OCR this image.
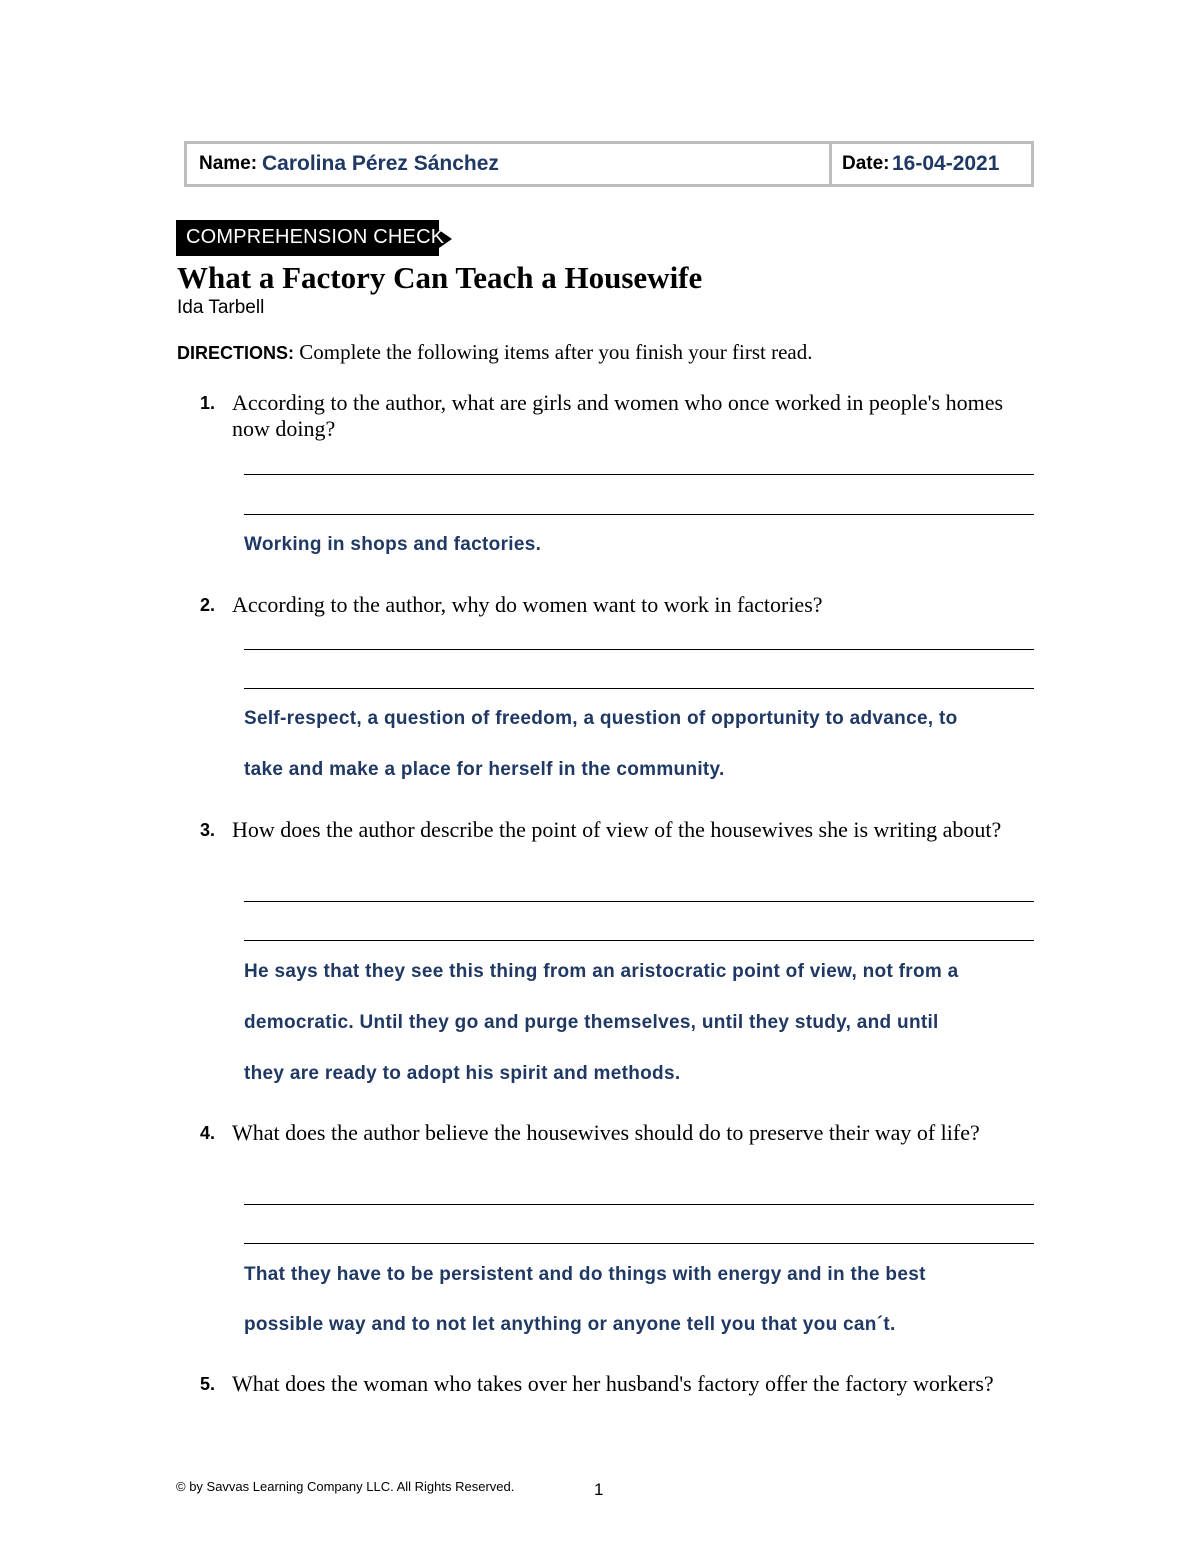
Name: Carolina Pérez Sánchez	Date: 16-04-2021
COMPREHENSION CHECK
What a Factory Can Teach a Housewife
Ida Tarbell
DIRECTIONS: Complete the following items after you finish your first read.
1. According to the author, what are girls and women who once worked in people's homes now doing?
Working in shops and factories.
2. According to the author, why do women want to work in factories?
Self-respect, a question of freedom, a question of opportunity to advance, to
take and make a place for herself in the community.
3. How does the author describe the point of view of the housewives she is writing about?
He says that they see this thing from an aristocratic point of view, not from a
democratic. Until they go and purge themselves, until they study, and until
they are ready to adopt his spirit and methods.
4. What does the author believe the housewives should do to preserve their way of life?
That they have to be persistent and do things with energy and in the best
possible way and to not let anything or anyone tell you that you can´t.
5. What does the woman who takes over her husband's factory offer the factory workers?
© by Savvas Learning Company LLC. All Rights Reserved.	1
